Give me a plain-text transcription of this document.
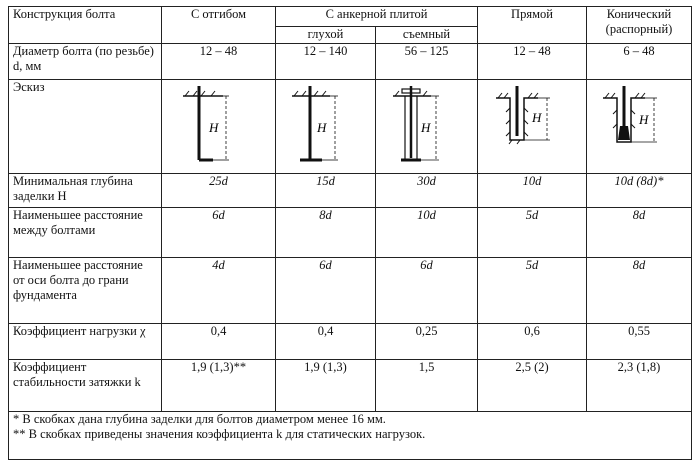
Конструкция болта	С отгибом	С анкерной плитой		Прямой	Конический (распорный)
		глухой	съемный		
Диаметр болта (по резьбе) d, мм	12 – 48	12 – 140	56 – 125	12 – 48	6 – 48
Эскиз	H	H	H	H	H

Минимальная глубина заделки H	25d	15d	30d	10d	10d (8d)*
Наименьшее расстояние между болтами	6d	8d	10d	5d	8d
Наименьшее расстояние от оси болта до грани фундамента	4d	6d	6d	5d	8d
Коэффициент нагрузки χ	0,4	0,4	0,25	0,6	0,55
Коэффициент стабильности затяжки k	1,9 (1,3)**	1,9 (1,3)	1,5	2,5 (2)	2,3 (1,8)

* В скобках дана глубина заделки для болтов диаметром менее 16 мм.
** В скобках приведены значения коэффициента k для статических нагрузок.					
